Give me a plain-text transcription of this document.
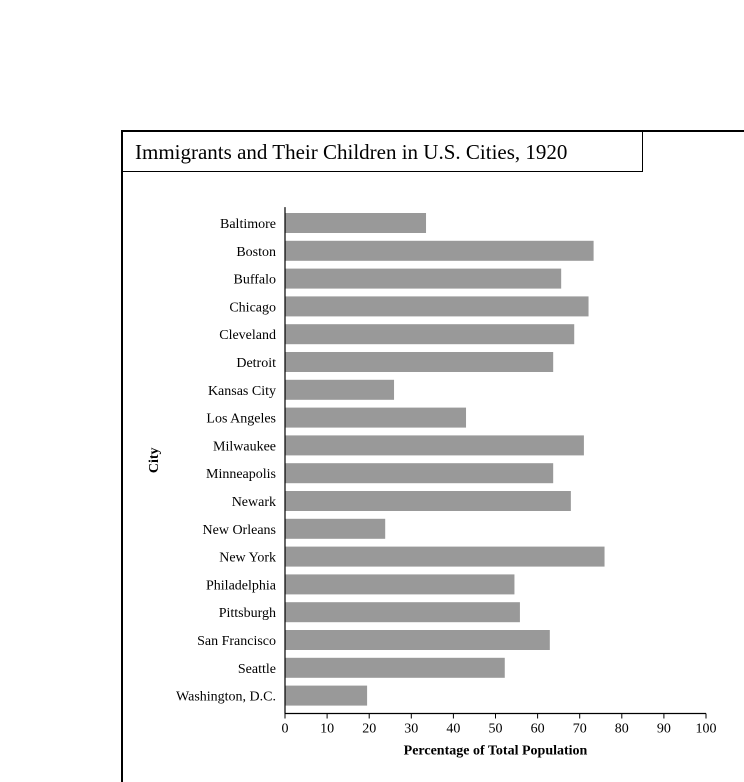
Immigrants and Their Children in U.S. Cities, 1920
Baltimore
Boston
Buffalo
Chicago
Cleveland
Detroit
Kansas City
Los Angeles
Milwaukee
Minneapolis
Newark
New Orleans
New York
Philadelphia
Pittsburgh
San Francisco
Seattle
Washington, D.C.
0 10 20 30 40 50 60 70 80 90 100
Percentage of Total Population
City
